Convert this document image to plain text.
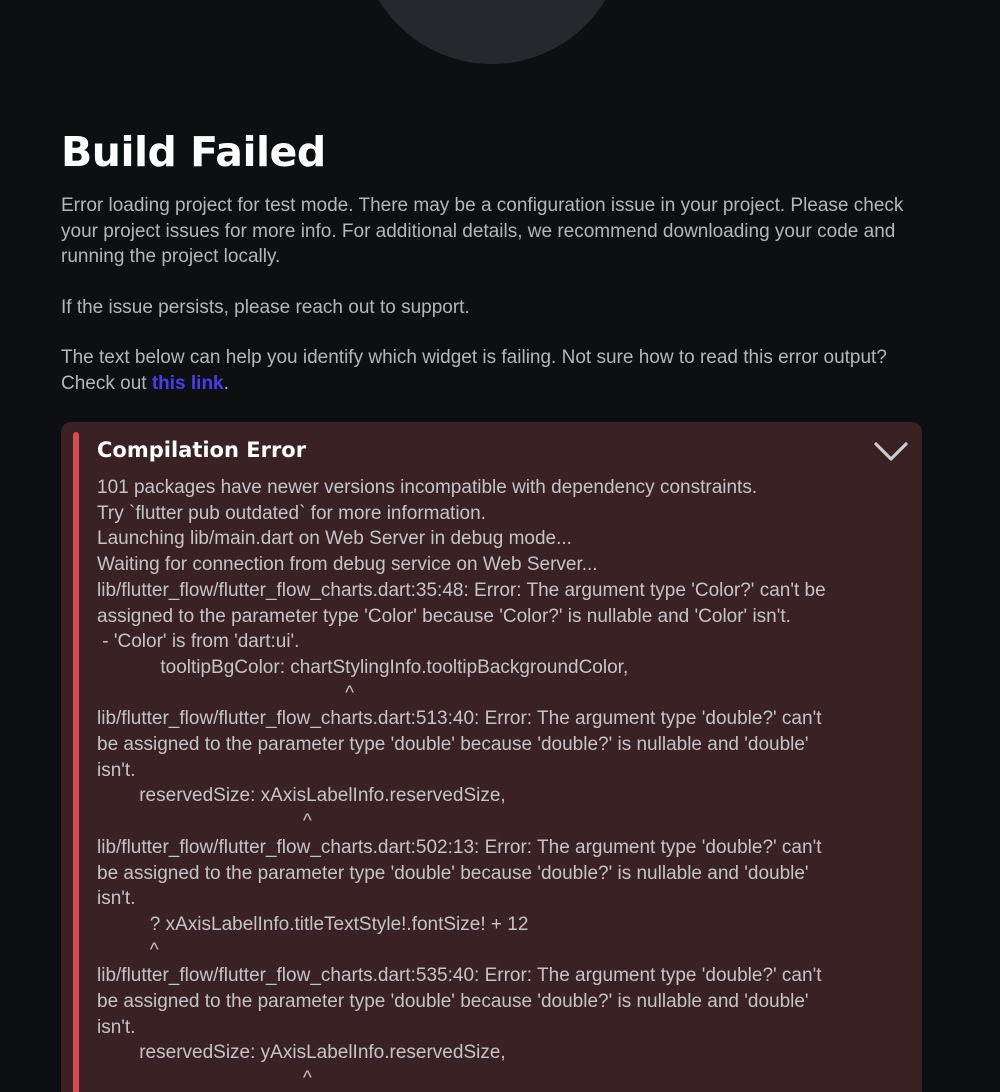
Build Failed

Error loading project for test mode. There may be a configuration issue in your project. Please check your project issues for more info. For additional details, we recommend downloading your code and running the project locally.

If the issue persists, please reach out to support.

The text below can help you identify which widget is failing. Not sure how to read this error output? Check out this link.

Compilation Error
101 packages have newer versions incompatible with dependency constraints.
Try `flutter pub outdated` for more information.
Launching lib/main.dart on Web Server in debug mode...
Waiting for connection from debug service on Web Server...
lib/flutter_flow/flutter_flow_charts.dart:35:48: Error: The argument type 'Color?' can't be
assigned to the parameter type 'Color' because 'Color?' is nullable and 'Color' isn't.
- 'Color' is from 'dart:ui'.
tooltipBgColor: chartStylingInfo.tooltipBackgroundColor,
^
lib/flutter_flow/flutter_flow_charts.dart:513:40: Error: The argument type 'double?' can't
be assigned to the parameter type 'double' because 'double?' is nullable and 'double'
isn't.
reservedSize: xAxisLabelInfo.reservedSize,
^
lib/flutter_flow/flutter_flow_charts.dart:502:13: Error: The argument type 'double?' can't
be assigned to the parameter type 'double' because 'double?' is nullable and 'double'
isn't.
? xAxisLabelInfo.titleTextStyle!.fontSize! + 12
^
lib/flutter_flow/flutter_flow_charts.dart:535:40: Error: The argument type 'double?' can't
be assigned to the parameter type 'double' because 'double?' is nullable and 'double'
isn't.
reservedSize: yAxisLabelInfo.reservedSize,
^
